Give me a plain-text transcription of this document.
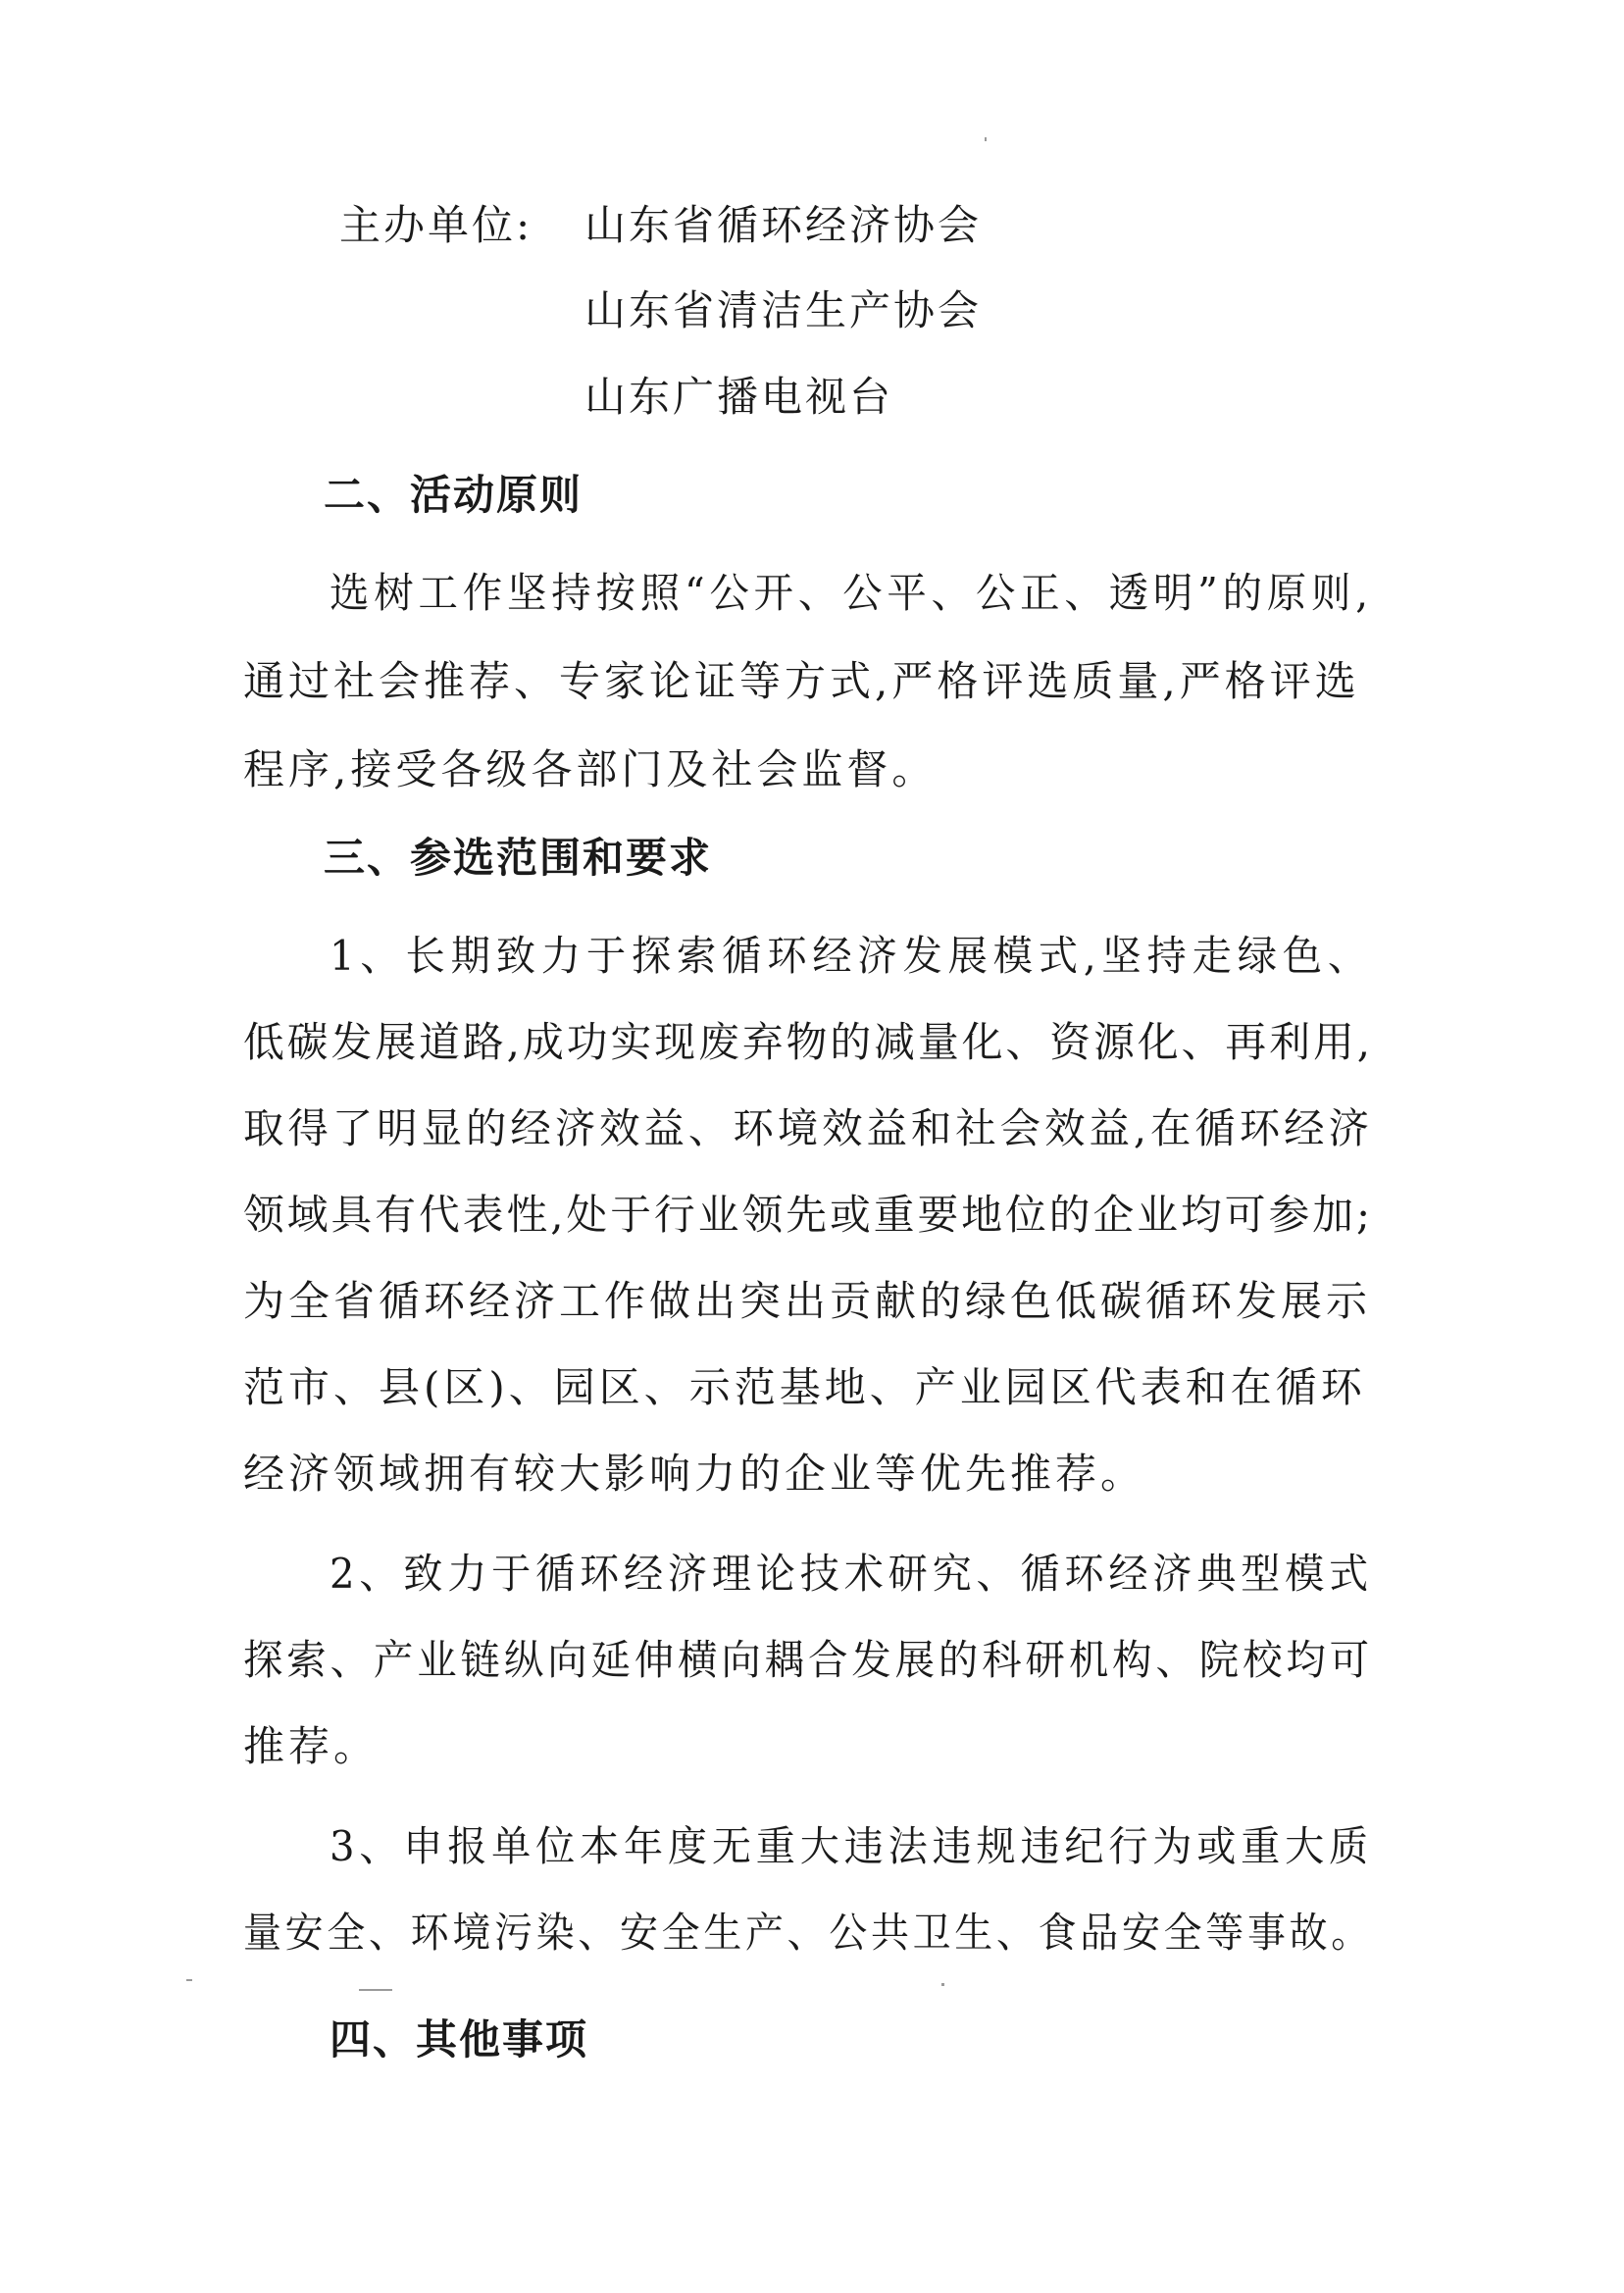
主办单位: 山东省循环经济协会
山东省清洁生产协会
山东广播电视台
二、活动原则
选树工作坚持按照“公开、公平、公正、透明”的原则,
通过社会推荐、专家论证等方式,严格评选质量,严格评选
程序,接受各级各部门及社会监督。
三、参选范围和要求
1、长期致力于探索循环经济发展模式,坚持走绿色、
低碳发展道路,成功实现废弃物的减量化、资源化、再利用,
取得了明显的经济效益、环境效益和社会效益,在循环经济
领域具有代表性,处于行业领先或重要地位的企业均可参加;
为全省循环经济工作做出突出贡献的绿色低碳循环发展示
范市、县(区)、园区、示范基地、产业园区代表和在循环
经济领域拥有较大影响力的企业等优先推荐。
2、致力于循环经济理论技术研究、循环经济典型模式
探索、产业链纵向延伸横向耦合发展的科研机构、院校均可
推荐。
3、申报单位本年度无重大违法违规违纪行为或重大质
量安全、环境污染、安全生产、公共卫生、食品安全等事故。
四、其他事项
